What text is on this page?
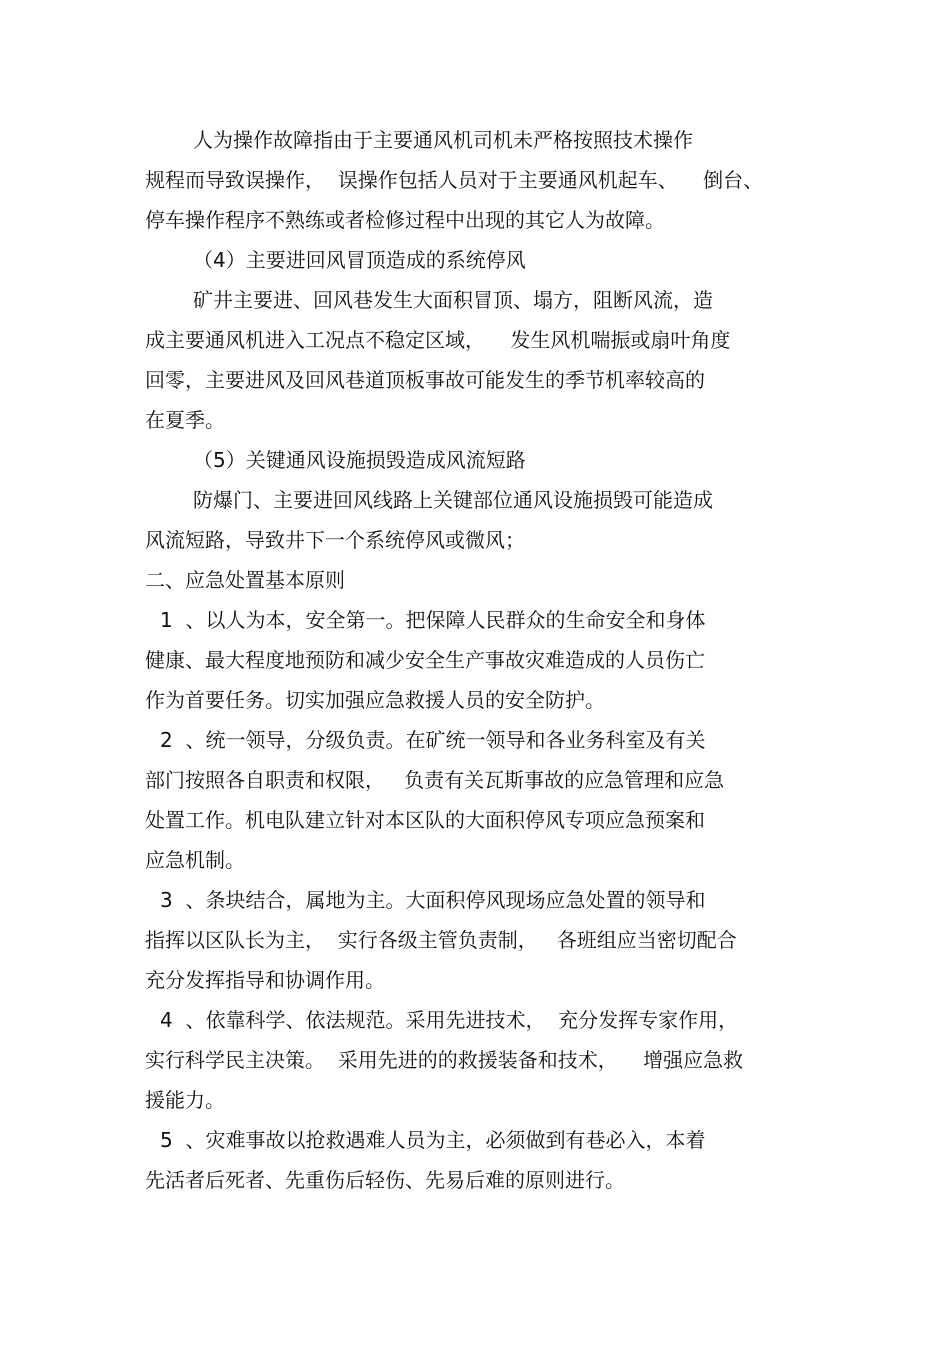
人为操作故障指由于主要通风机司机未严格按照技术操作
规程而导致误操作，  误操作包括人员对于主要通风机起车、    倒台、
停车操作程序不熟练或者检修过程中出现的其它人为故障。
（4）主要进回风冒顶造成的系统停风
矿井主要进、回风巷发生大面积冒顶、塌方，阻断风流，造
成主要通风机进入工况点不稳定区域，    发生风机喘振或扇叶角度
回零，主要进风及回风巷道顶板事故可能发生的季节机率较高的
在夏季。
（5）关键通风设施损毁造成风流短路
防爆门、主要进回风线路上关键部位通风设施损毁可能造成
风流短路，导致井下一个系统停风或微风；
二、应急处置基本原则
1  、以人为本，安全第一。把保障人民群众的生命安全和身体
健康、最大程度地预防和减少安全生产事故灾难造成的人员伤亡
作为首要任务。切实加强应急救援人员的安全防护。
2  、统一领导，分级负责。在矿统一领导和各业务科室及有关
部门按照各自职责和权限，   负责有关瓦斯事故的应急管理和应急
处置工作。机电队建立针对本区队的大面积停风专项应急预案和
应急机制。
3  、条块结合，属地为主。大面积停风现场应急处置的领导和
指挥以区队长为主，  实行各级主管负责制，   各班组应当密切配合
充分发挥指导和协调作用。
4  、依靠科学、依法规范。采用先进技术，  充分发挥专家作用，
实行科学民主决策。  采用先进的的救援装备和技术，    增强应急救
援能力。
5  、灾难事故以抢救遇难人员为主，必须做到有巷必入，本着
先活者后死者、先重伤后轻伤、先易后难的原则进行。
